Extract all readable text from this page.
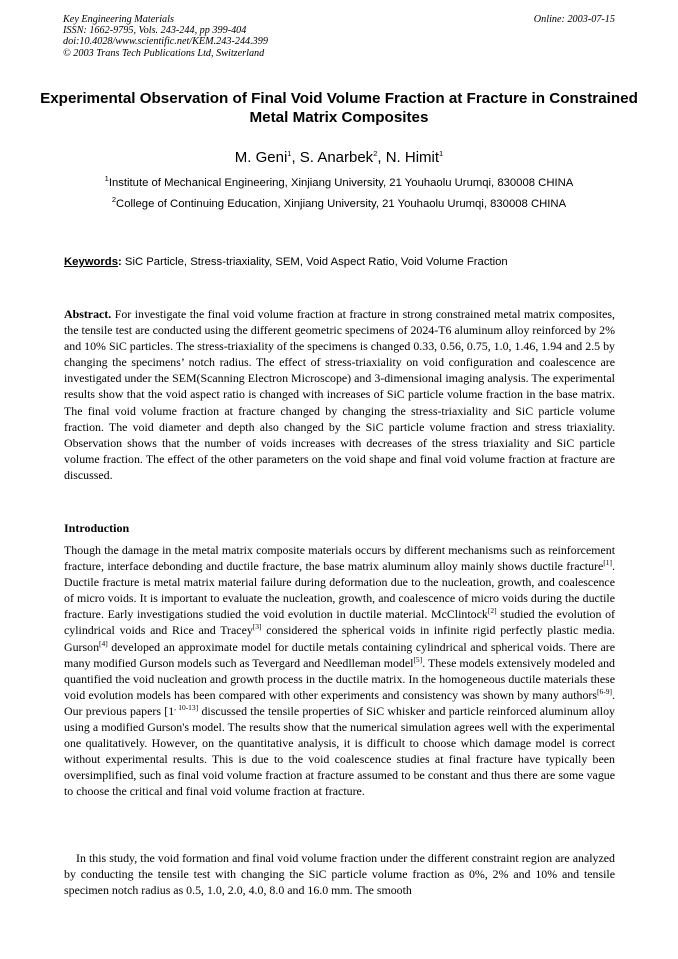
Key Engineering Materials
ISSN: 1662-9795, Vols. 243-244, pp 399-404
doi:10.4028/www.scientific.net/KEM.243-244.399
© 2003 Trans Tech Publications Ltd, Switzerland
Online: 2003-07-15
Experimental Observation of Final Void Volume Fraction at Fracture in Constrained Metal Matrix Composites
M. Geni$^1$, S. Anarbek$^2$, N. Himit$^1$
$^1$Institute of Mechanical Engineering, Xinjiang University, 21 Youhaolu Urumqi, 830008 CHINA
$^2$College of Continuing Education, Xinjiang University, 21 Youhaolu Urumqi, 830008 CHINA
Keywords: SiC Particle, Stress-triaxiality, SEM, Void Aspect Ratio, Void Volume Fraction
Abstract. For investigate the final void volume fraction at fracture in strong constrained metal matrix composites, the tensile test are conducted using the different geometric specimens of 2024-T6 aluminum alloy reinforced by 2% and 10% SiC particles. The stress-triaxiality of the specimens is changed 0.33, 0.56, 0.75, 1.0, 1.46, 1.94 and 2.5 by changing the specimens’ notch radius. The effect of stress-triaxiality on void configuration and coalescence are investigated under the SEM(Scanning Electron Microscope) and 3-dimensional imaging analysis. The experimental results show that the void aspect ratio is changed with increases of SiC particle volume fraction in the base matrix. The final void volume fraction at fracture changed by changing the stress-triaxiality and SiC particle volume fraction. The void diameter and depth also changed by the SiC particle volume fraction and stress triaxiality. Observation shows that the number of voids increases with decreases of the stress triaxiality and SiC particle volume fraction. The effect of the other parameters on the void shape and final void volume fraction at fracture are discussed.
Introduction
Though the damage in the metal matrix composite materials occurs by different mechanisms such as reinforcement fracture, interface debonding and ductile fracture, the base matrix aluminum alloy mainly shows ductile fracture[1]. Ductile fracture is metal matrix material failure during deformation due to the nucleation, growth, and coalescence of micro voids. It is important to evaluate the nucleation, growth, and coalescence of micro voids during the ductile fracture. Early investigations studied the void evolution in ductile material. McClintock[2] studied the evolution of cylindrical voids and Rice and Tracey[3] considered the spherical voids in infinite rigid perfectly plastic media. Gurson[4] developed an approximate model for ductile metals containing cylindrical and spherical voids. There are many modified Gurson models such as Tevergard and Needlleman model[5]. These models extensively modeled and quantified the void nucleation and growth process in the ductile matrix. In the homogeneous ductile materials these void evolution models has been compared with other experiments and consistency was shown by many authors[6-9]. Our previous papers [$1^{, 10-13]}$ discussed the tensile properties of SiC whisker and particle reinforced aluminum alloy using a modified Gurson's model. The results show that the numerical simulation agrees well with the experimental one qualitatively. However, on the quantitative analysis, it is difficult to choose which damage model is correct without experimental results. This is due to the void coalescence studies at final fracture have typically been oversimplified, such as final void volume fraction at fracture assumed to be constant and thus there are some vague to choose the critical and final void volume fraction at fracture.
In this study, the void formation and final void volume fraction under the different constraint region are analyzed by conducting the tensile test with changing the SiC particle volume fraction as 0%, 2% and 10% and tensile specimen notch radius as 0.5, 1.0, 2.0, 4.0, 8.0 and 16.0 mm. The smooth
